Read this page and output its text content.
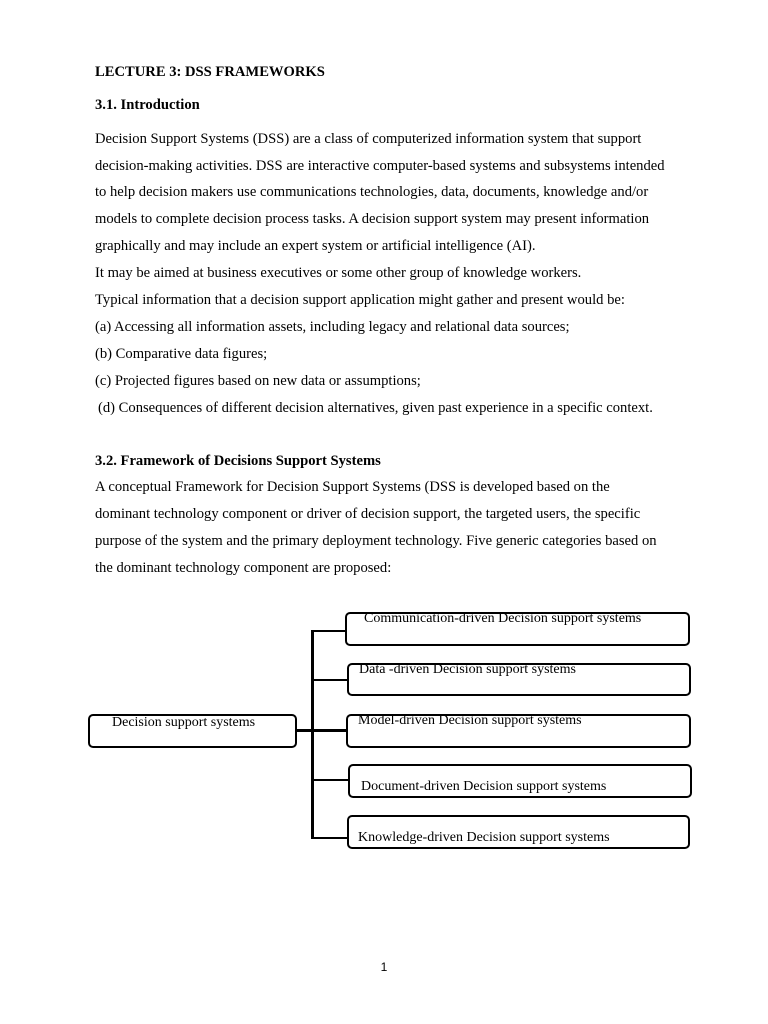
LECTURE 3: DSS FRAMEWORKS
3.1. Introduction
Decision Support Systems (DSS) are a class of computerized information system that support
decision-making activities. DSS are interactive computer-based systems and subsystems intended
to help decision makers use communications technologies, data, documents, knowledge and/or
models to complete decision process tasks. A decision support system may present information
graphically and may include an expert system or artificial intelligence (AI).
It may be aimed at business executives or some other group of knowledge workers.
Typical information that a decision support application might gather and present would be:
(a) Accessing all information assets, including legacy and relational data sources;
(b) Comparative data figures;
(c) Projected figures based on new data or assumptions;
(d) Consequences of different decision alternatives, given past experience in a specific context.
3.2. Framework of Decisions Support Systems
A conceptual Framework for Decision Support Systems (DSS is developed based on the
dominant technology component or driver of decision support, the targeted users, the specific
purpose of the system and the primary deployment technology. Five generic categories based on
the dominant technology component are proposed:
Decision support systems
Communication-driven Decision support systems
Data -driven Decision support systems
Model-driven Decision support systems
Document-driven Decision support systems
Knowledge-driven Decision support systems
1
